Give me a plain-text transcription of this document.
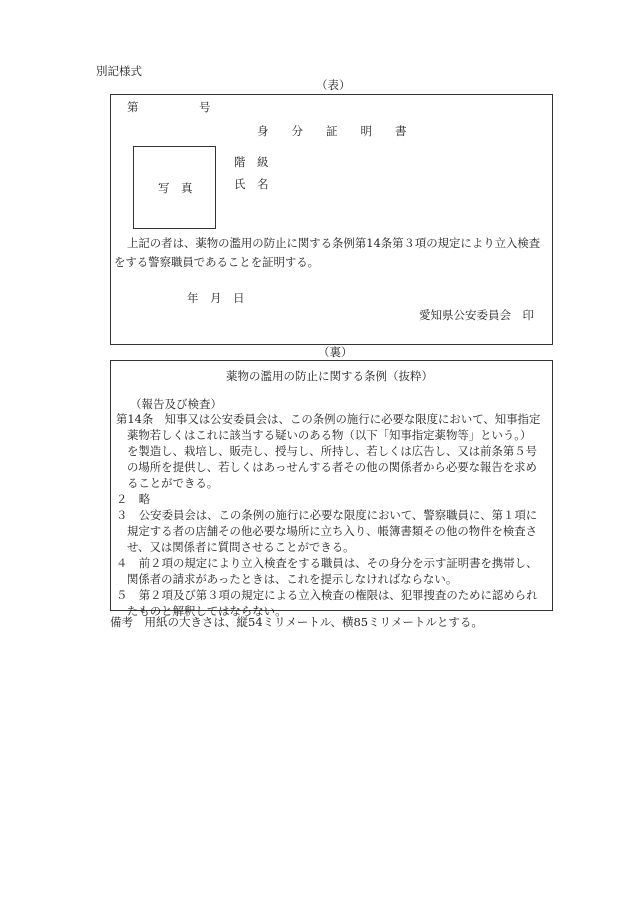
別記様式
（表）
第	号
身　　分　　証　　明　　書
写　真
階　級
氏　名
上記の者は、薬物の濫用の防止に関する条例第14条第３項の規定により立入検査
をする警察職員であることを証明する。
年　月　日
愛知県公安委員会　印
（裏）
薬物の濫用の防止に関する条例（抜粋）
（報告及び検査）
第14条　知事又は公安委員会は、この条例の施行に必要な限度において、知事指定
薬物若しくはこれに該当する疑いのある物（以下「知事指定薬物等」という。）
を製造し、栽培し、販売し、授与し、所持し、若しくは広告し、又は前条第５号
の場所を提供し、若しくはあっせんする者その他の関係者から必要な報告を求め
ることができる。
２　略
３　公安委員会は、この条例の施行に必要な限度において、警察職員に、第１項に
規定する者の店舗その他必要な場所に立ち入り、帳簿書類その他の物件を検査さ
せ、又は関係者に質問させることができる。
４　前２項の規定により立入検査をする職員は、その身分を示す証明書を携帯し、
関係者の請求があったときは、これを提示しなければならない。
５　第２項及び第３項の規定による立入検査の権限は、犯罪捜査のために認められ
たものと解釈してはならない。
備考　用紙の大きさは、縦54ミリメートル、横85ミリメートルとする。
